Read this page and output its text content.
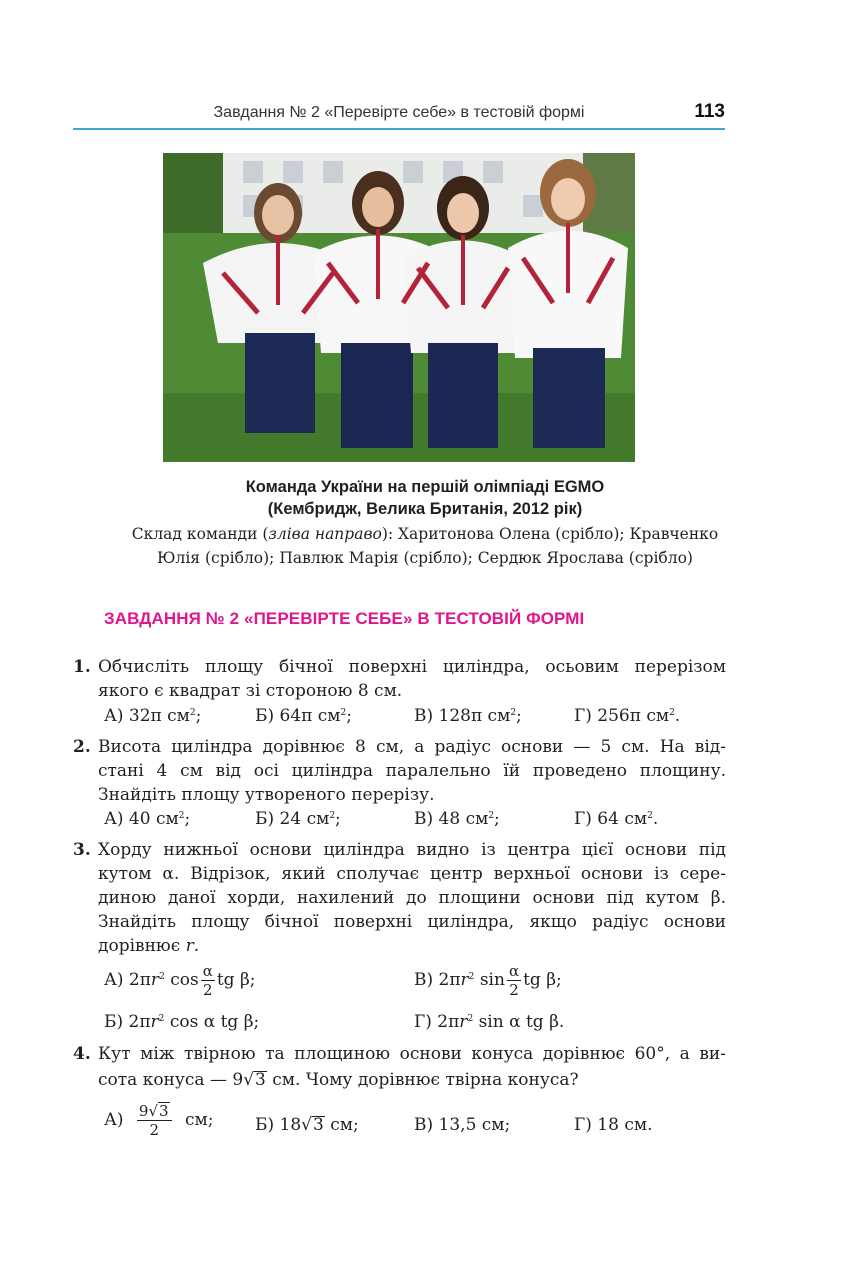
Завдання № 2 «Перевірте себе» в тестовій формі	113
Команда України на першій олімпіаді EGMO
(Кембридж, Велика Британія, 2012 рік)
Склад команди (зліва направо): Харитонова Олена (срібло); Кравченко
Юлія (срібло); Павлюк Марія (срібло); Сердюк Ярослава (срібло)
ЗАВДАННЯ № 2 «ПЕРЕВІРТЕ СЕБЕ» В ТЕСТОВІЙ ФОРМІ
1. Обчисліть площу бічної поверхні циліндра, осьовим перерізом
якого є квадрат зі стороною 8 см.
А) 32π $см^2$;	Б) 64π $см^2$;	В) 128π $см^2$;	Г) 256π $см^2$.
2. Висота циліндра дорівнює 8 см, а радіус основи — 5 см. На від-
стані 4 см від осі циліндра паралельно їй проведено площину.
Знайдіть площу утвореного перерізу.
А) 40 $см^2$;	Б) 24 $см^2$;	В) 48 $см^2$;	Г) 64 $см^2$.
3. Хорду нижньої основи циліндра видно із центра цієї основи під
кутом α. Відрізок, який сполучає центр верхньої основи із сере-
диною даної хорди, нахилений до площини основи під кутом β.
Знайдіть площу бічної поверхні циліндра, якщо радіус основи
дорівнює r.
А) $2\pi r^2$ $\cos \frac{\alpha}{2}$ tg β;	В) $2\pi r^2$ $\sin \frac{\alpha}{2}$ tg β;
Б) $2\pi r^2$ cos α tg β;	Г) $2\pi r^2$ sin α tg β.
4. Кут між твірною та площиною основи конуса дорівнює 60°, а ви-
сота конуса — 9√3 см. Чому дорівнює твірна конуса?
$А) \frac{9√3}{2}$ см; Б) 18√3 см;	В) 13,5 см;	Г) 18 см.
